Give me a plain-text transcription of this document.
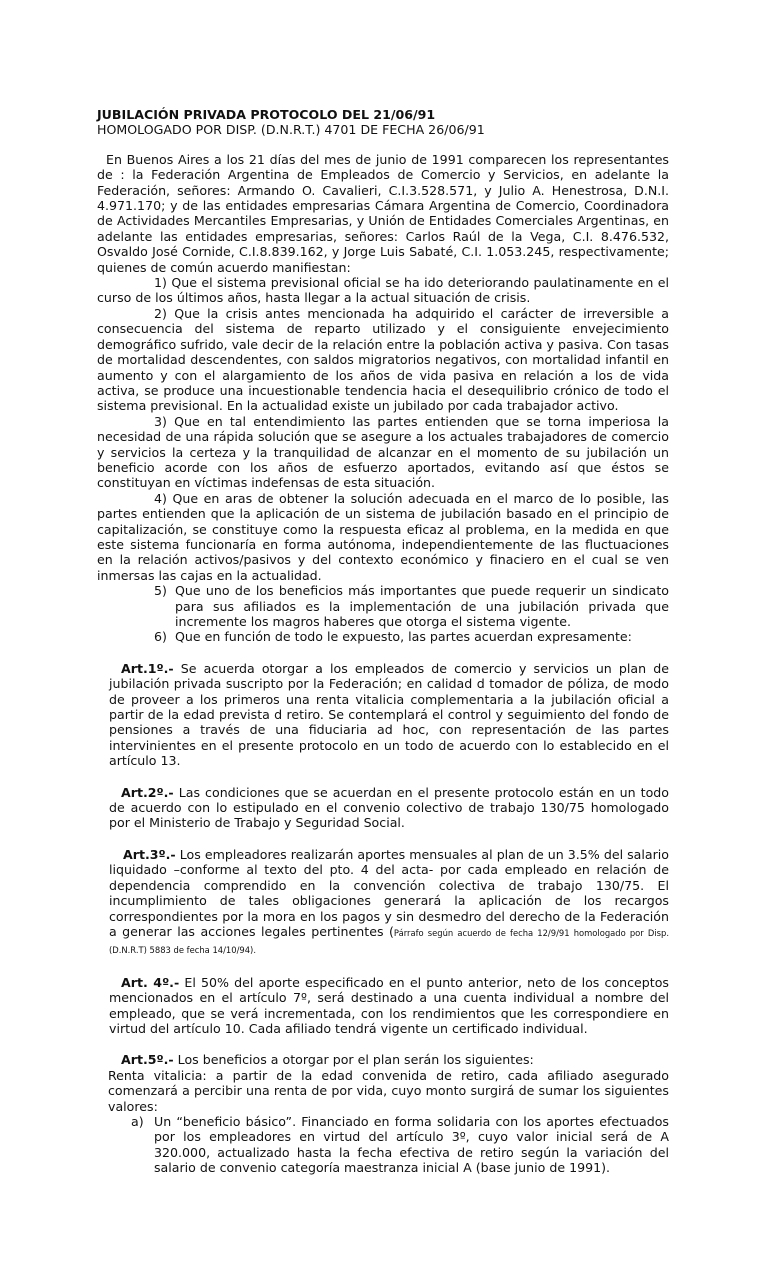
JUBILACIÓN PRIVADA PROTOCOLO DEL 21/06/91

HOMOLOGADO POR DISP. (D.N.R.T.) 4701 DE FECHA 26/06/91

En Buenos Aires a los 21 días del mes de junio de 1991 comparecen los representantes de : la Federación Argentina de Empleados de Comercio y Servicios, en adelante la Federación, señores: Armando O. Cavalieri, C.I.3.528.571, y Julio A. Henestrosa, D.N.I. 4.971.170; y de las entidades empresarias Cámara Argentina de Comercio, Coordinadora de Actividades Mercantiles Empresarias, y Unión de Entidades Comerciales Argentinas, en adelante las entidades empresarias, señores: Carlos Raúl de la Vega, C.I. 8.476.532, Osvaldo José Cornide, C.I.8.839.162, y Jorge Luis Sabaté, C.I. 1.053.245, respectivamente; quienes de común acuerdo manifiestan:

1) Que el sistema previsional oficial se ha ido deteriorando paulatinamente en el curso de los últimos años, hasta llegar a la actual situación de crisis.

2) Que la crisis antes mencionada ha adquirido el carácter de irreversible a consecuencia del sistema de reparto utilizado y el consiguiente envejecimiento demográfico sufrido, vale decir de la relación entre la población activa y pasiva. Con tasas de mortalidad descendentes, con saldos migratorios negativos, con mortalidad infantil en aumento y con el alargamiento de los años de vida pasiva en relación a los de vida activa, se produce una incuestionable tendencia hacia el desequilibrio crónico de todo el sistema previsional. En la actualidad existe un jubilado por cada trabajador activo.

3) Que en tal entendimiento las partes entienden que se torna imperiosa la necesidad de una rápida solución que se asegure a los actuales trabajadores de comercio y servicios la certeza y la tranquilidad de alcanzar en el momento de su jubilación un beneficio acorde con los años de esfuerzo aportados, evitando así que éstos se constituyan en víctimas indefensas de esta situación.

4) Que en aras de obtener la solución adecuada en el marco de lo posible, las partes entienden que la aplicación de un sistema de jubilación basado en el principio de capitalización, se constituye como la respuesta eficaz al problema, en la medida en que este sistema funcionaría en forma autónoma, independientemente de las fluctuaciones en la relación activos/pasivos y del contexto económico y finaciero en el cual se ven inmersas las cajas en la actualidad.

5) Que uno de los beneficios más importantes que puede requerir un sindicato para sus afiliados es la implementación de una jubilación privada que incremente los magros haberes que otorga el sistema vigente.
6) Que en función de todo le expuesto, las partes acuerdan expresamente:

Art.1º.- Se acuerda otorgar a los empleados de comercio y servicios un plan de jubilación privada suscripto por la Federación; en calidad d tomador de póliza, de modo de proveer a los primeros una renta vitalicia complementaria a la jubilación oficial a partir de la edad prevista d retiro. Se contemplará el control y seguimiento del fondo de pensiones a través de una fiduciaria ad hoc, con representación de las partes intervinientes en el presente protocolo en un todo de acuerdo con lo establecido en el artículo 13.

Art.2º.- Las condiciones que se acuerdan en el presente protocolo están en un todo de acuerdo con lo estipulado en el convenio colectivo de trabajo 130/75 homologado por el Ministerio de Trabajo y Seguridad Social.

Art.3º.- Los empleadores realizarán aportes mensuales al plan de un 3.5% del salario liquidado –conforme al texto del pto. 4 del acta- por cada empleado en relación de dependencia comprendido en la convención colectiva de trabajo 130/75. El incumplimiento de tales obligaciones generará la aplicación de los recargos correspondientes por la mora en los pagos y sin desmedro del derecho de la Federación a generar las acciones legales pertinentes (Párrafo según acuerdo de fecha 12/9/91 homologado por Disp. (D.N.R.T) 5883 de fecha 14/10/94).

Art. 4º.- El 50% del aporte especificado en el punto anterior, neto de los conceptos mencionados en el artículo 7º, será destinado a una cuenta individual a nombre del empleado, que se verá incrementada, con los rendimientos que les correspondiere en virtud del artículo 10. Cada afiliado tendrá vigente un certificado individual.

Art.5º.- Los beneficios a otorgar por el plan serán los siguientes:

Renta vitalicia: a partir de la edad convenida de retiro, cada afiliado asegurado comenzará a percibir una renta de por vida, cuyo monto surgirá de sumar los siguientes valores:

a) Un “beneficio básico”. Financiado en forma solidaria con los aportes efectuados por los empleadores en virtud del artículo 3º, cuyo valor inicial será de A 320.000, actualizado hasta la fecha efectiva de retiro según la variación del salario de convenio categoría maestranza inicial A (base junio de 1991).
